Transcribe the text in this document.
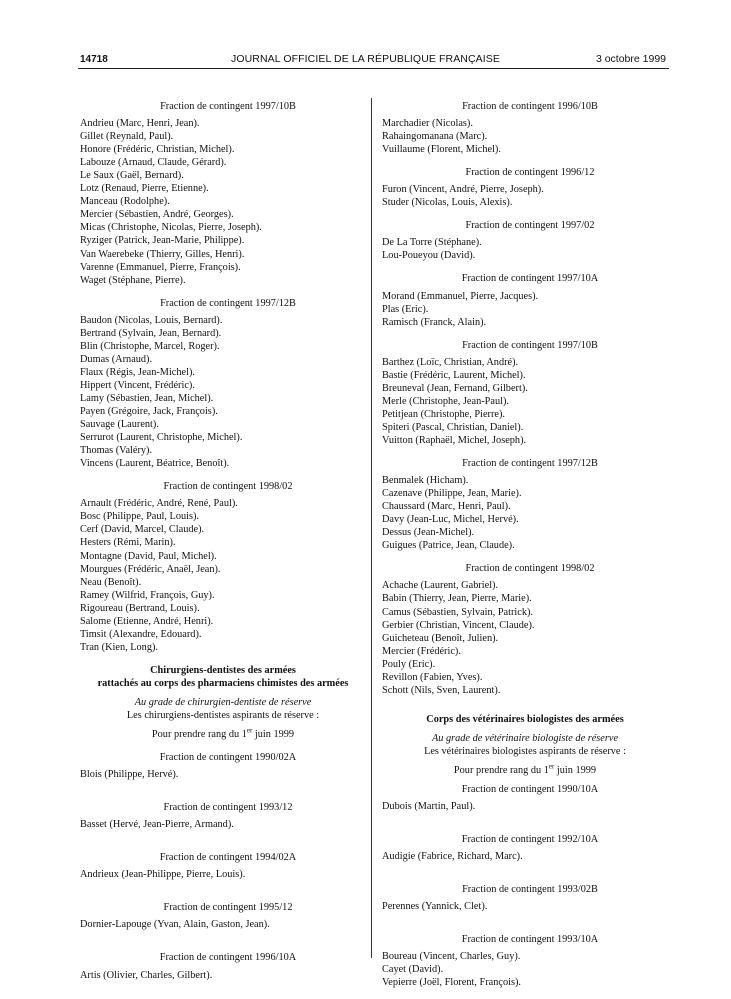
14718	JOURNAL OFFICIEL DE LA RÉPUBLIQUE FRANÇAISE	3 octobre 1999
Fraction de contingent 1997/10B
Andrieu (Marc, Henri, Jean).
Gillet (Reynald, Paul).
Honore (Frédéric, Christian, Michel).
Labouze (Arnaud, Claude, Gérard).
Le Saux (Gaël, Bernard).
Lotz (Renaud, Pierre, Etienne).
Manceau (Rodolphe).
Mercier (Sébastien, André, Georges).
Micas (Christophe, Nicolas, Pierre, Joseph).
Ryziger (Patrick, Jean-Marie, Philippe).
Van Waerebeke (Thierry, Gilles, Henri).
Varenne (Emmanuel, Pierre, François).
Waget (Stéphane, Pierre).
Fraction de contingent 1997/12B
Baudon (Nicolas, Louis, Bernard).
Bertrand (Sylvain, Jean, Bernard).
Blin (Christophe, Marcel, Roger).
Dumas (Arnaud).
Flaux (Régis, Jean-Michel).
Hippert (Vincent, Frédéric).
Lamy (Sébastien, Jean, Michel).
Payen (Grégoire, Jack, François).
Sauvage (Laurent).
Serrurot (Laurent, Christophe, Michel).
Thomas (Valéry).
Vincens (Laurent, Béatrice, Benoît).
Fraction de contingent 1998/02
Arnault (Frédéric, André, René, Paul).
Bosc (Philippe, Paul, Louis).
Cerf (David, Marcel, Claude).
Hesters (Rémi, Marin).
Montagne (David, Paul, Michel).
Mourgues (Frédéric, Anaël, Jean).
Neau (Benoît).
Ramey (Wilfrid, François, Guy).
Rigoureau (Bertrand, Louis).
Salome (Etienne, André, Henri).
Timsit (Alexandre, Edouard).
Tran (Kien, Long).
Chirurgiens-dentistes des armées
rattachés au corps des pharmaciens chimistes des armées
Au grade de chirurgien-dentiste de réserve
Les chirurgiens-dentistes aspirants de réserve :
Pour prendre rang du 1er juin 1999
Fraction de contingent 1990/02A
Blois (Philippe, Hervé).
Fraction de contingent 1993/12
Basset (Hervé, Jean-Pierre, Armand).
Fraction de contingent 1994/02A
Andrieux (Jean-Philippe, Pierre, Louis).
Fraction de contingent 1995/12
Dornier-Lapouge (Yvan, Alain, Gaston, Jean).
Fraction de contingent 1996/10A
Artis (Olivier, Charles, Gilbert).
Fraction de contingent 1996/10B
Marchadier (Nicolas).
Rahaingomanana (Marc).
Vuillaume (Florent, Michel).
Fraction de contingent 1996/12
Furon (Vincent, André, Pierre, Joseph).
Studer (Nicolas, Louis, Alexis).
Fraction de contingent 1997/02
De La Torre (Stéphane).
Lou-Poueyou (David).
Fraction de contingent 1997/10A
Morand (Emmanuel, Pierre, Jacques).
Plas (Eric).
Ramisch (Franck, Alain).
Fraction de contingent 1997/10B
Barthez (Loïc, Christian, André).
Bastie (Frédéric, Laurent, Michel).
Breuneval (Jean, Fernand, Gilbert).
Merle (Christophe, Jean-Paul).
Petitjean (Christophe, Pierre).
Spiteri (Pascal, Christian, Daniel).
Vuitton (Raphaël, Michel, Joseph).
Fraction de contingent 1997/12B
Benmalek (Hicham).
Cazenave (Philippe, Jean, Marie).
Chaussard (Marc, Henri, Paul).
Davy (Jean-Luc, Michel, Hervé).
Dessus (Jean-Michel).
Guigues (Patrice, Jean, Claude).
Fraction de contingent 1998/02
Achache (Laurent, Gabriel).
Babin (Thierry, Jean, Pierre, Marie).
Camus (Sébastien, Sylvain, Patrick).
Gerbier (Christian, Vincent, Claude).
Guicheteau (Benoît, Julien).
Mercier (Frédéric).
Pouly (Eric).
Revillon (Fabien, Yves).
Schott (Nils, Sven, Laurent).
Corps des vétérinaires biologistes des armées
Au grade de vétérinaire biologiste de réserve
Les vétérinaires biologistes aspirants de réserve :
Pour prendre rang du 1er juin 1999
Fraction de contingent 1990/10A
Dubois (Martin, Paul).
Fraction de contingent 1992/10A
Audigie (Fabrice, Richard, Marc).
Fraction de contingent 1993/02B
Perennes (Yannick, Clet).
Fraction de contingent 1993/10A
Boureau (Vincent, Charles, Guy).
Cayet (David).
Vepierre (Joël, Florent, François).
